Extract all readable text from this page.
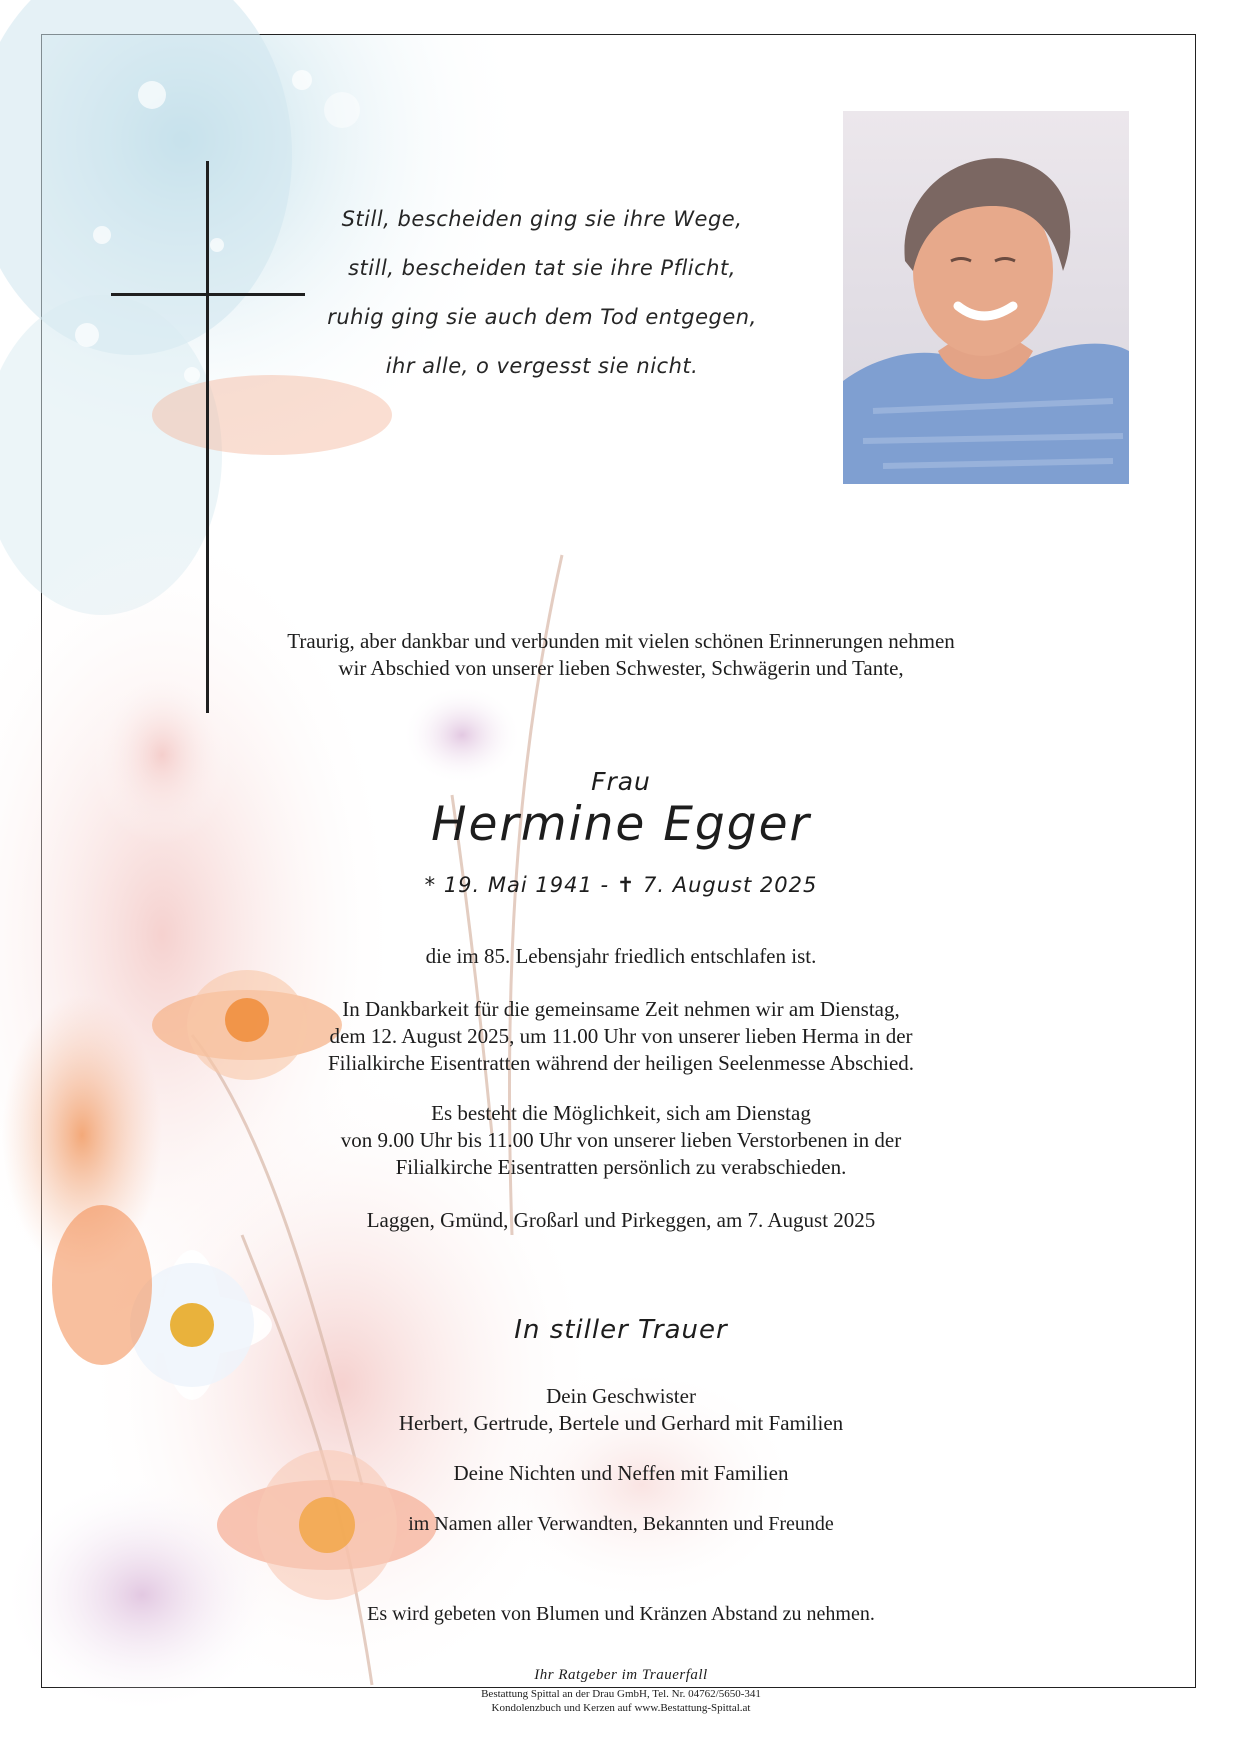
Still, bescheiden ging sie ihre Wege,
still, bescheiden tat sie ihre Pflicht,
ruhig ging sie auch dem Tod entgegen,
ihr alle, o vergesst sie nicht.
Traurig, aber dankbar und verbunden mit vielen schönen Erinnerungen nehmen
wir Abschied von unserer lieben Schwester, Schwägerin und Tante,
Frau
Hermine Egger
* 19. Mai 1941 - ✝ 7. August 2025
die im 85. Lebensjahr friedlich entschlafen ist.
In Dankbarkeit für die gemeinsame Zeit nehmen wir am Dienstag,
dem 12. August 2025, um 11.00 Uhr von unserer lieben Herma in der
Filialkirche Eisentratten während der heiligen Seelenmesse Abschied.
Es besteht die Möglichkeit, sich am Dienstag
von 9.00 Uhr bis 11.00 Uhr von unserer lieben Verstorbenen in der
Filialkirche Eisentratten persönlich zu verabschieden.
Laggen, Gmünd, Großarl und Pirkeggen, am 7. August 2025
In stiller Trauer
Dein Geschwister
Herbert, Gertrude, Bertele und Gerhard mit Familien
Deine Nichten und Neffen mit Familien
im Namen aller Verwandten, Bekannten und Freunde
Es wird gebeten von Blumen und Kränzen Abstand zu nehmen.
Ihr Ratgeber im Trauerfall
Bestattung Spittal an der Drau GmbH, Tel. Nr. 04762/5650-341
Kondolenzbuch und Kerzen auf www.Bestattung-Spittal.at
